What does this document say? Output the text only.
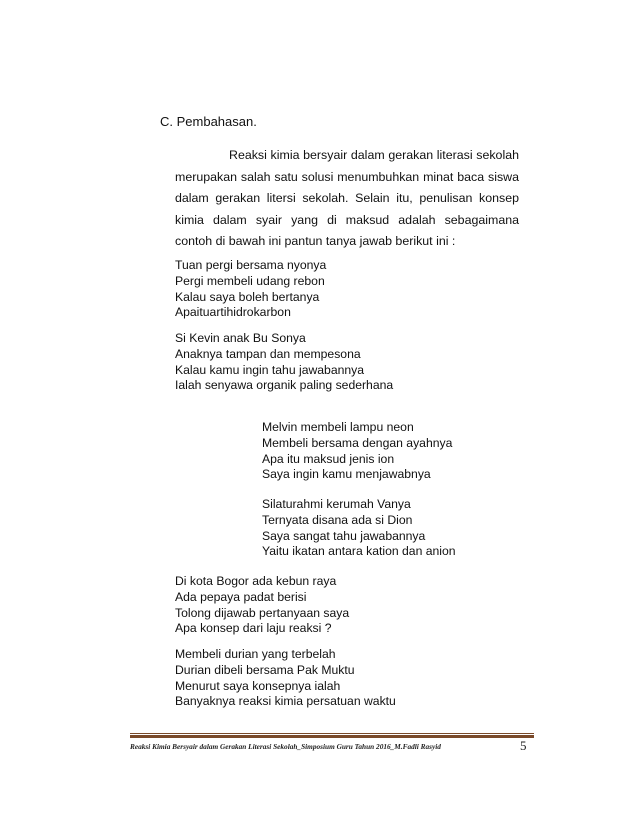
C. Pembahasan.

Reaksi kimia bersyair dalam gerakan literasi sekolah merupakan salah satu solusi menumbuhkan minat baca siswa dalam gerakan litersi sekolah. Selain itu, penulisan konsep kimia dalam syair yang di maksud adalah sebagaimana contoh di bawah ini pantun tanya jawab berikut ini :

Tuan pergi bersama nyonya
Pergi membeli udang rebon
Kalau saya boleh bertanya
Apaituartihidrokarbon
Si Kevin anak Bu Sonya
Anaknya tampan dan mempesona
Kalau kamu ingin tahu jawabannya
Ialah senyawa organik paling sederhana
Melvin membeli lampu neon
Membeli bersama dengan ayahnya
Apa itu maksud jenis ion
Saya ingin kamu menjawabnya
Silaturahmi kerumah Vanya
Ternyata disana ada si Dion
Saya sangat tahu jawabannya
Yaitu ikatan antara kation dan anion
Di kota Bogor ada kebun raya
Ada pepaya padat berisi
Tolong dijawab pertanyaan saya
Apa konsep dari laju reaksi ?
Membeli durian yang terbelah
Durian dibeli bersama Pak Muktu
Menurut saya konsepnya ialah
Banyaknya reaksi kimia persatuan waktu
Reaksi Kimia Bersyair dalam Gerakan Literasi Sekolah_Simposium Guru Tahun 2016_M.Fadli Rasyid	5
